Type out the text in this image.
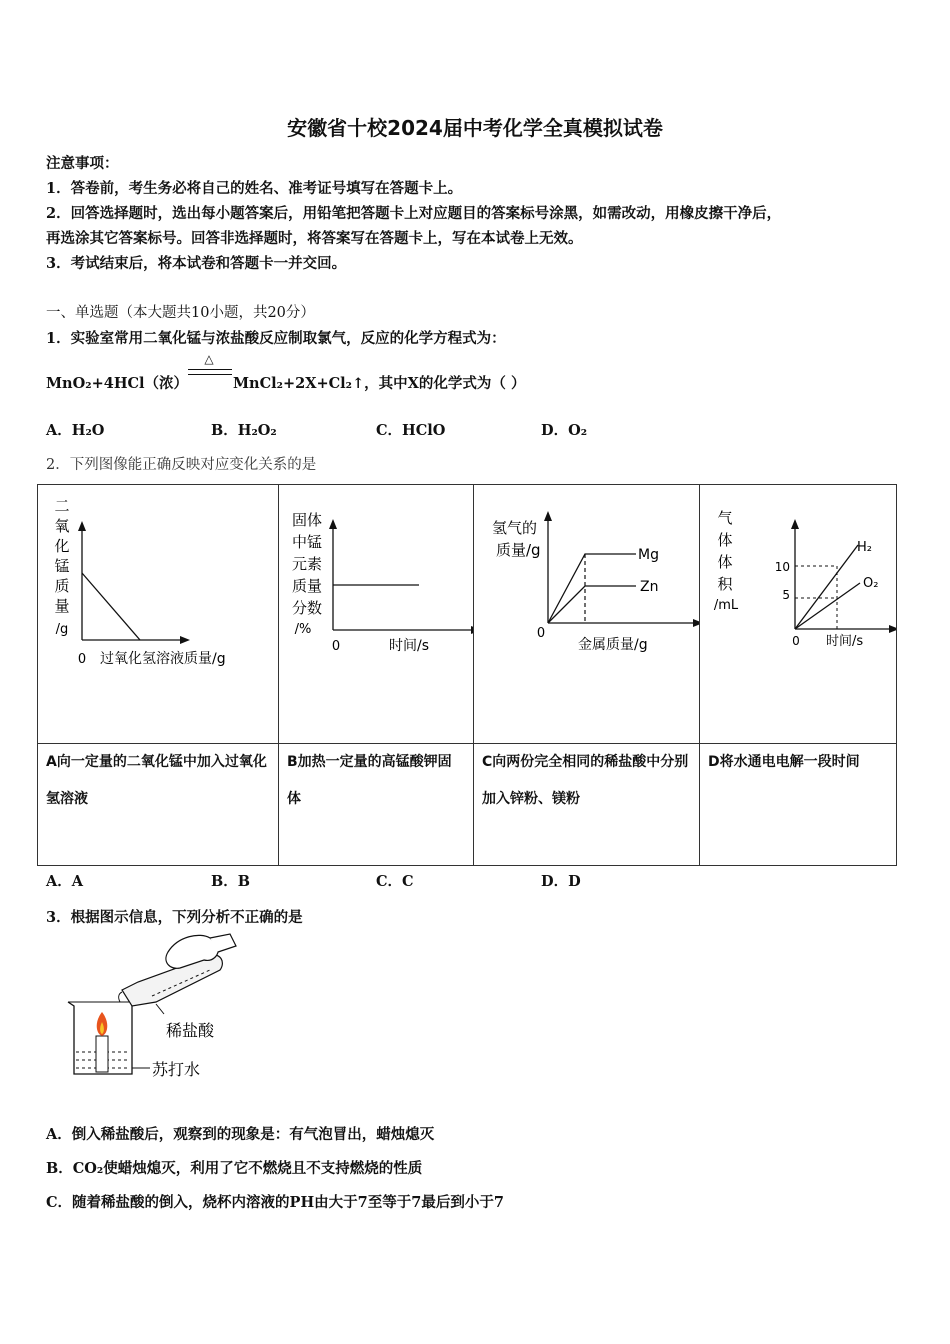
安徽省十校2024届中考化学全真模拟试卷
注意事项：
1．答卷前，考生务必将自己的姓名、准考证号填写在答题卡上。
2．回答选择题时，选出每小题答案后，用铅笔把答题卡上对应题目的答案标号涂黑，如需改动，用橡皮擦干净后，
再选涂其它答案标号。回答非选择题时，将答案写在答题卡上，写在本试卷上无效。
3．考试结束后，将本试卷和答题卡一并交回。
一、单选题（本大题共10小题，共20分）
1．实验室常用二氧化锰与浓盐酸反应制取氯气，反应的化学方程式为：
MnO₂+4HCl（浓）
△
MnCl₂+2X+Cl₂↑，其中X的化学式为（ ）
A．H₂O	B．H₂O₂	C．HClO	D．O₂
2．下列图像能正确反映对应变化关系的是
二
氧
化
锰
质
量
/g
0 过氧化氢溶液质量/g
固体
中锰
元素
质量
分数
/%
0	时间/s
氢气的
质量/g	Mg
Zn
0
金属质量/g
气
体
体
积
/mL
10
5
H₂
O₂
0 时间/s
A向一定量的二氧化锰中加入过氧化氢溶液
B加热一定量的高锰酸钾固体
C向两份完全相同的稀盐酸中分别加入锌粉、镁粉
D将水通电电解一段时间
A．A	B．B	C．C	D．D
3．根据图示信息，下列分析不正确的是
稀盐酸
苏打水
A．倒入稀盐酸后，观察到的现象是：有气泡冒出，蜡烛熄灭
B．CO₂使蜡烛熄灭，利用了它不燃烧且不支持燃烧的性质
C．随着稀盐酸的倒入，烧杯内溶液的PH由大于7至等于7最后到小于7
